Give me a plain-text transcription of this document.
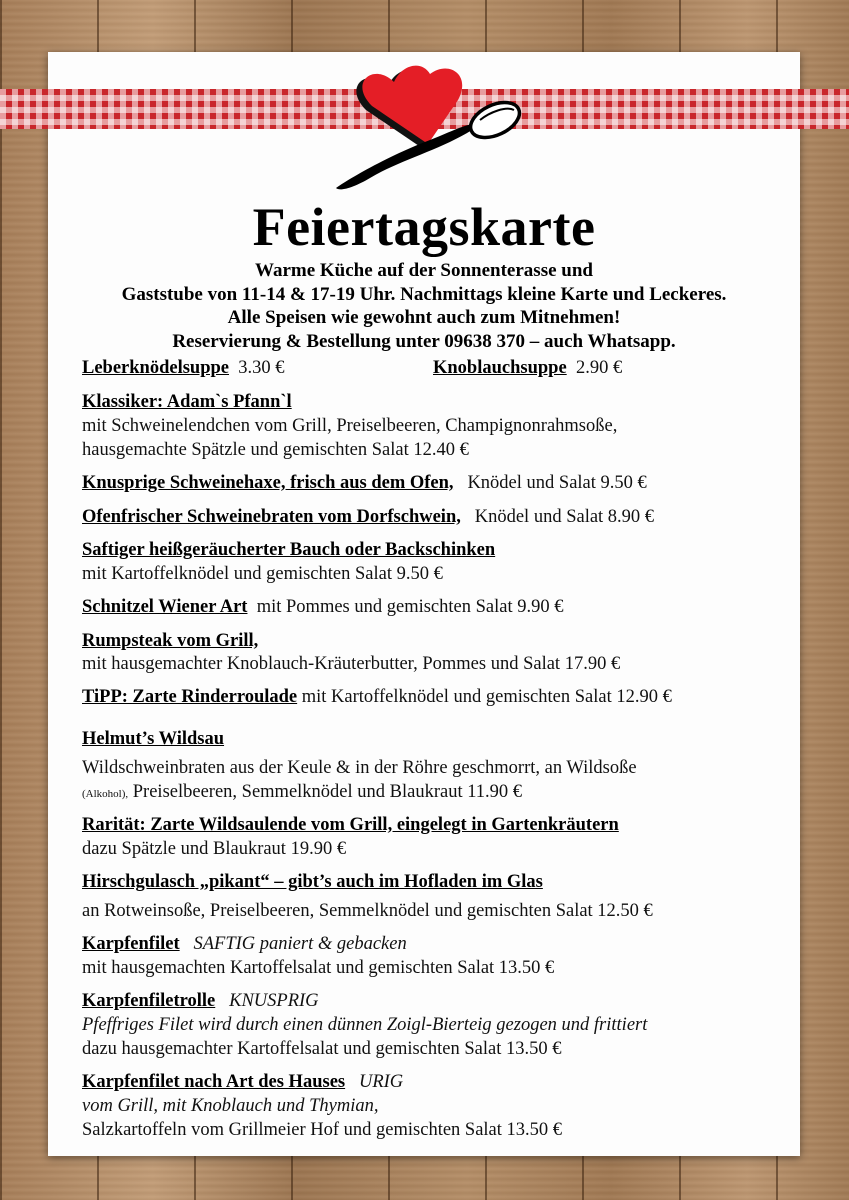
Feiertagskarte
Warme Küche auf der Sonnenterasse und
Gaststube von 11-14 & 17-19 Uhr. Nachmittags kleine Karte und Leckeres.
Alle Speisen wie gewohnt auch zum Mitnehmen!
Reservierung & Bestellung unter 09638 370 – auch Whatsapp.
Leberknödelsuppe 3.30 €	Knoblauchsuppe 2.90 €
Klassiker: Adam`s Pfann`l
mit Schweinelendchen vom Grill, Preiselbeeren, Champignonrahmsoße,
hausgemachte Spätzle und gemischten Salat 12.40 €
Knusprige Schweinehaxe, frisch aus dem Ofen, Knödel und Salat 9.50 €
Ofenfrischer Schweinebraten vom Dorfschwein, Knödel und Salat 8.90 €
Saftiger heißgeräucherter Bauch oder Backschinken
mit Kartoffelknödel und gemischten Salat 9.50 €
Schnitzel Wiener Art mit Pommes und gemischten Salat 9.90 €
Rumpsteak vom Grill,
mit hausgemachter Knoblauch-Kräuterbutter, Pommes und Salat 17.90 €
TiPP: Zarte Rinderroulade mit Kartoffelknödel und gemischten Salat 12.90 €
Helmut’s Wildsau
Wildschweinbraten aus der Keule & in der Röhre geschmorrt, an Wildsoße
(Alkohol), Preiselbeeren, Semmelknödel und Blaukraut 11.90 €
Rarität: Zarte Wildsaulende vom Grill, eingelegt in Gartenkräutern
dazu Spätzle und Blaukraut 19.90 €
Hirschgulasch „pikant“ – gibt’s auch im Hofladen im Glas
an Rotweinsoße, Preiselbeeren, Semmelknödel und gemischten Salat 12.50 €
Karpfenfilet SAFTIG paniert & gebacken
mit hausgemachten Kartoffelsalat und gemischten Salat 13.50 €
Karpfenfiletrolle KNUSPRIG
Pfeffriges Filet wird durch einen dünnen Zoigl-Bierteig gezogen und frittiert
dazu hausgemachter Kartoffelsalat und gemischten Salat 13.50 €
Karpfenfilet nach Art des Hauses URIG
vom Grill, mit Knoblauch und Thymian,
Salzkartoffeln vom Grillmeier Hof und gemischten Salat 13.50 €
